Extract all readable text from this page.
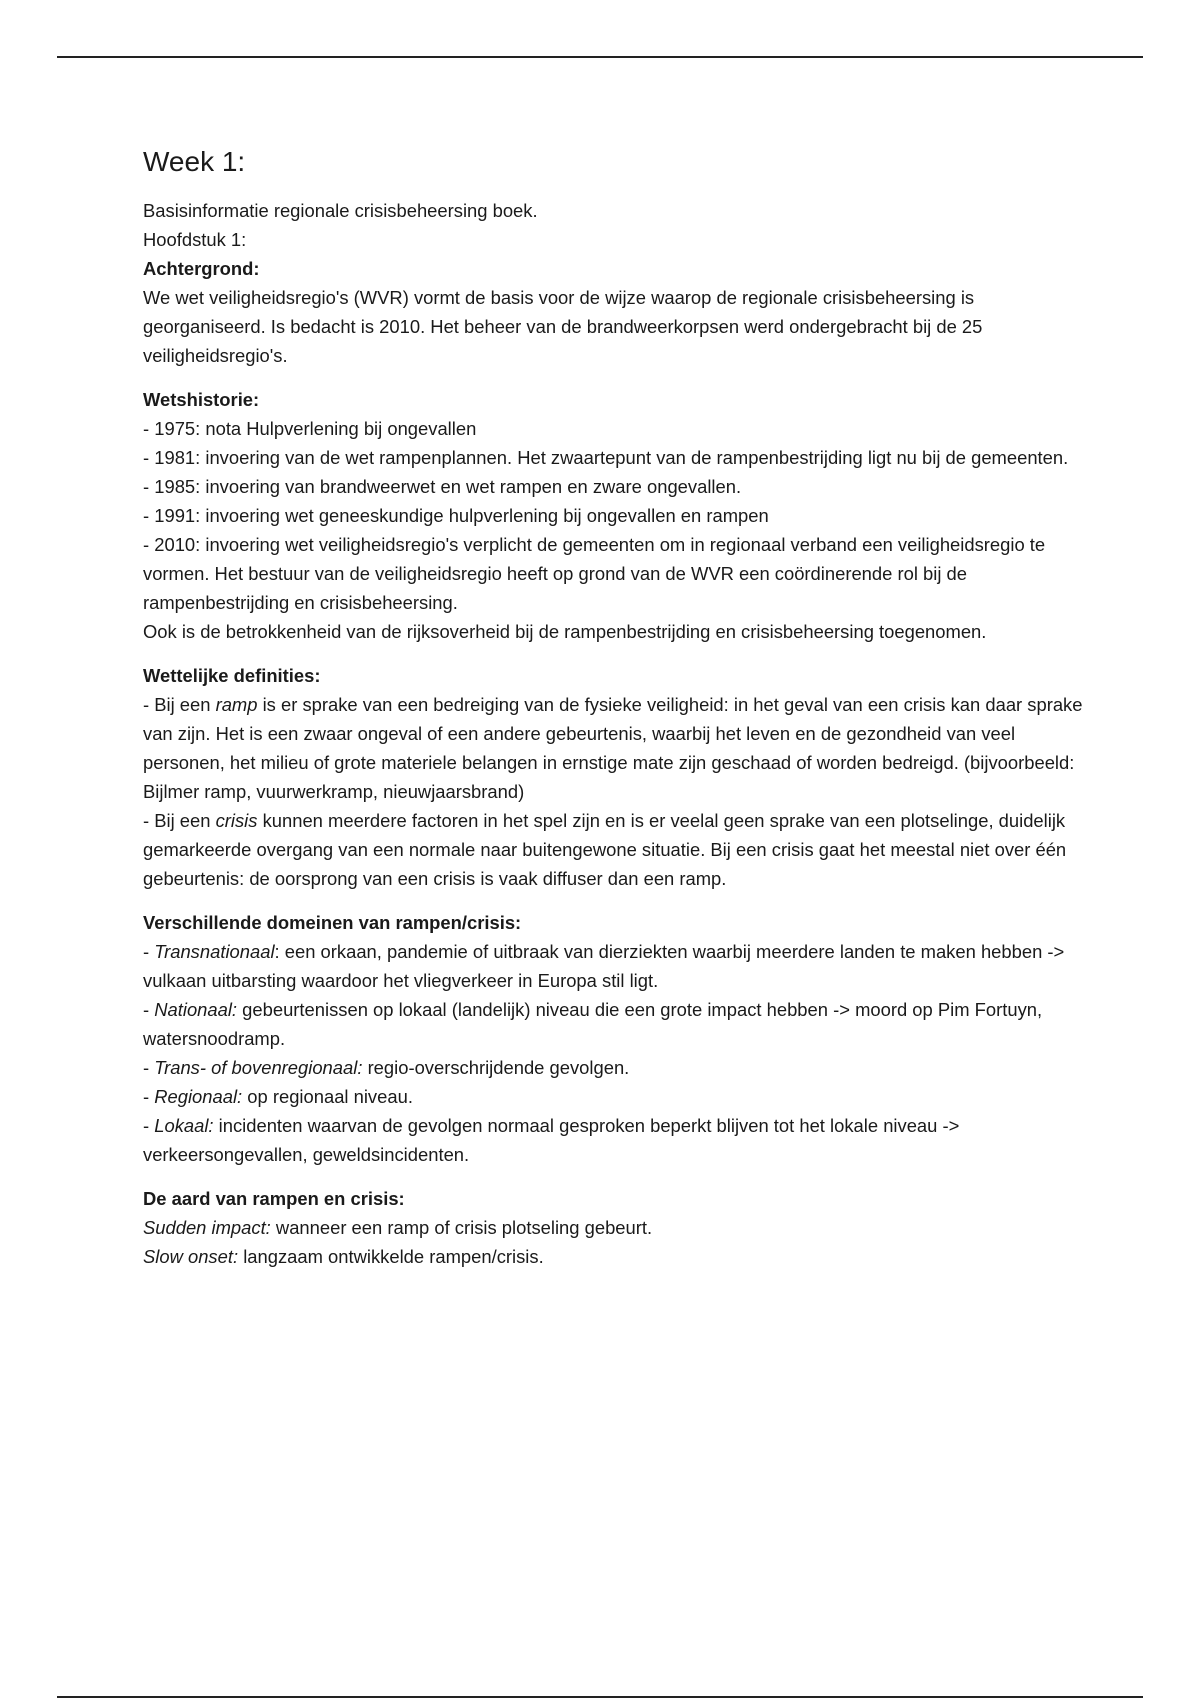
Week 1:

Basisinformatie regionale crisisbeheersing boek.

Hoofdstuk 1:

Achtergrond:

We wet veiligheidsregio's (WVR) vormt de basis voor de wijze waarop de regionale crisisbeheersing is georganiseerd. Is bedacht is 2010. Het beheer van de brandweerkorpsen werd ondergebracht bij de 25 veiligheidsregio's.

Wetshistorie:

- 1975: nota Hulpverlening bij ongevallen

- 1981: invoering van de wet rampenplannen. Het zwaartepunt van de rampenbestrijding ligt nu bij de gemeenten.

- 1985: invoering van brandweerwet en wet rampen en zware ongevallen.

- 1991: invoering wet geneeskundige hulpverlening bij ongevallen en rampen

- 2010: invoering wet veiligheidsregio's verplicht de gemeenten om in regionaal verband een veiligheidsregio te vormen. Het bestuur van de veiligheidsregio heeft op grond van de WVR een coördinerende rol bij de rampenbestrijding en crisisbeheersing.

Ook is de betrokkenheid van de rijksoverheid bij de rampenbestrijding en crisisbeheersing toegenomen.

Wettelijke definities:

- Bij een ramp is er sprake van een bedreiging van de fysieke veiligheid: in het geval van een crisis kan daar sprake van zijn. Het is een zwaar ongeval of een andere gebeurtenis, waarbij het leven en de gezondheid van veel personen, het milieu of grote materiele belangen in ernstige mate zijn geschaad of worden bedreigd. (bijvoorbeeld: Bijlmer ramp, vuurwerkramp, nieuwjaarsbrand)

- Bij een crisis kunnen meerdere factoren in het spel zijn en is er veelal geen sprake van een plotselinge, duidelijk gemarkeerde overgang van een normale naar buitengewone situatie. Bij een crisis gaat het meestal niet over één gebeurtenis: de oorsprong van een crisis is vaak diffuser dan een ramp.

Verschillende domeinen van rampen/crisis:

- Transnationaal: een orkaan, pandemie of uitbraak van dierziekten waarbij meerdere landen te maken hebben -> vulkaan uitbarsting waardoor het vliegverkeer in Europa stil ligt.

- Nationaal: gebeurtenissen op lokaal (landelijk) niveau die een grote impact hebben -> moord op Pim Fortuyn, watersnoodramp.

- Trans- of bovenregionaal: regio-overschrijdende gevolgen.

- Regionaal: op regionaal niveau.

- Lokaal: incidenten waarvan de gevolgen normaal gesproken beperkt blijven tot het lokale niveau -> verkeersongevallen, geweldsincidenten.

De aard van rampen en crisis:

Sudden impact: wanneer een ramp of crisis plotseling gebeurt.

Slow onset: langzaam ontwikkelde rampen/crisis.
